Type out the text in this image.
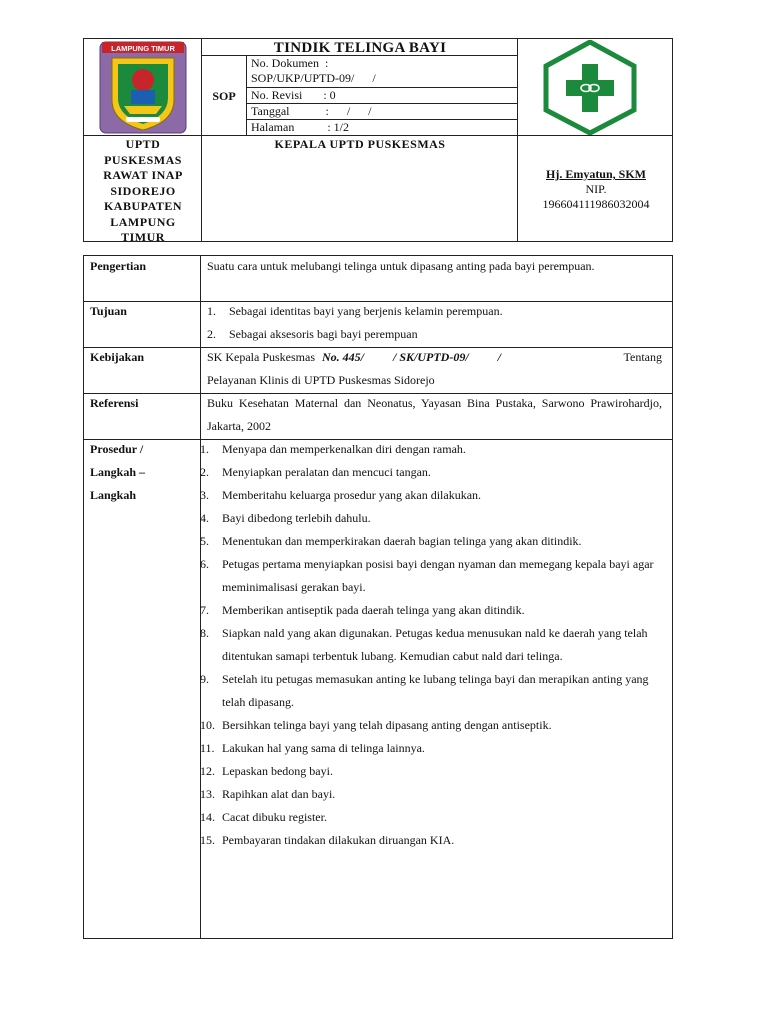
LAMPUNG TIMUR	TINDIK TELINGA BAYI
SOP
No. Dokumen  :
SOP/UKP/UPTD-09/      /
No. Revisi       : 0
Tanggal            :      /      /
Halaman           : 1/2
UPTD
PUSKESMAS
RAWAT INAP
SIDOREJO
KABUPATEN
LAMPUNG
TIMUR
KEPALA UPTD PUSKESMAS
Hj. Emyatun, SKM
NIP.
196604111986032004
Pengertian	Suatu cara untuk melubangi telinga untuk dipasang anting pada bayi perempuan.
Tujuan	1. Sebagai identitas bayi yang berjenis kelamin perempuan.
2. Sebagai aksesoris bagi bayi perempuan
Kebijakan	SK Kepala Puskesmas No. 445/ / SK/UPTD-09/ /	Tentang
Pelayanan Klinis di UPTD Puskesmas Sidorejo
Referensi	Buku Kesehatan Maternal dan Neonatus, Yayasan Bina Pustaka, Sarwono Prawirohardjo, Jakarta, 2002
Prosedur /
Langkah –
Langkah
1. Menyapa dan memperkenalkan diri dengan ramah.
2. Menyiapkan peralatan dan mencuci tangan.
3. Memberitahu keluarga prosedur yang akan dilakukan.
4. Bayi dibedong terlebih dahulu.
5. Menentukan dan memperkirakan daerah bagian telinga yang akan ditindik.
6. Petugas pertama menyiapkan posisi bayi dengan nyaman dan memegang kepala bayi agar meminimalisasi gerakan bayi.
7. Memberikan antiseptik pada daerah telinga yang akan ditindik.
8. Siapkan nald yang akan digunakan. Petugas kedua menusukan nald ke daerah yang telah ditentukan samapi terbentuk lubang. Kemudian cabut nald dari telinga.
9. Setelah itu petugas memasukan anting ke lubang telinga bayi dan merapikan anting yang telah dipasang.
10. Bersihkan telinga bayi yang telah dipasang anting dengan antiseptik.
11. Lakukan hal yang sama di telinga lainnya.
12. Lepaskan bedong bayi.
13. Rapihkan alat dan bayi.
14. Cacat dibuku register.
15. Pembayaran tindakan dilakukan diruangan KIA.
